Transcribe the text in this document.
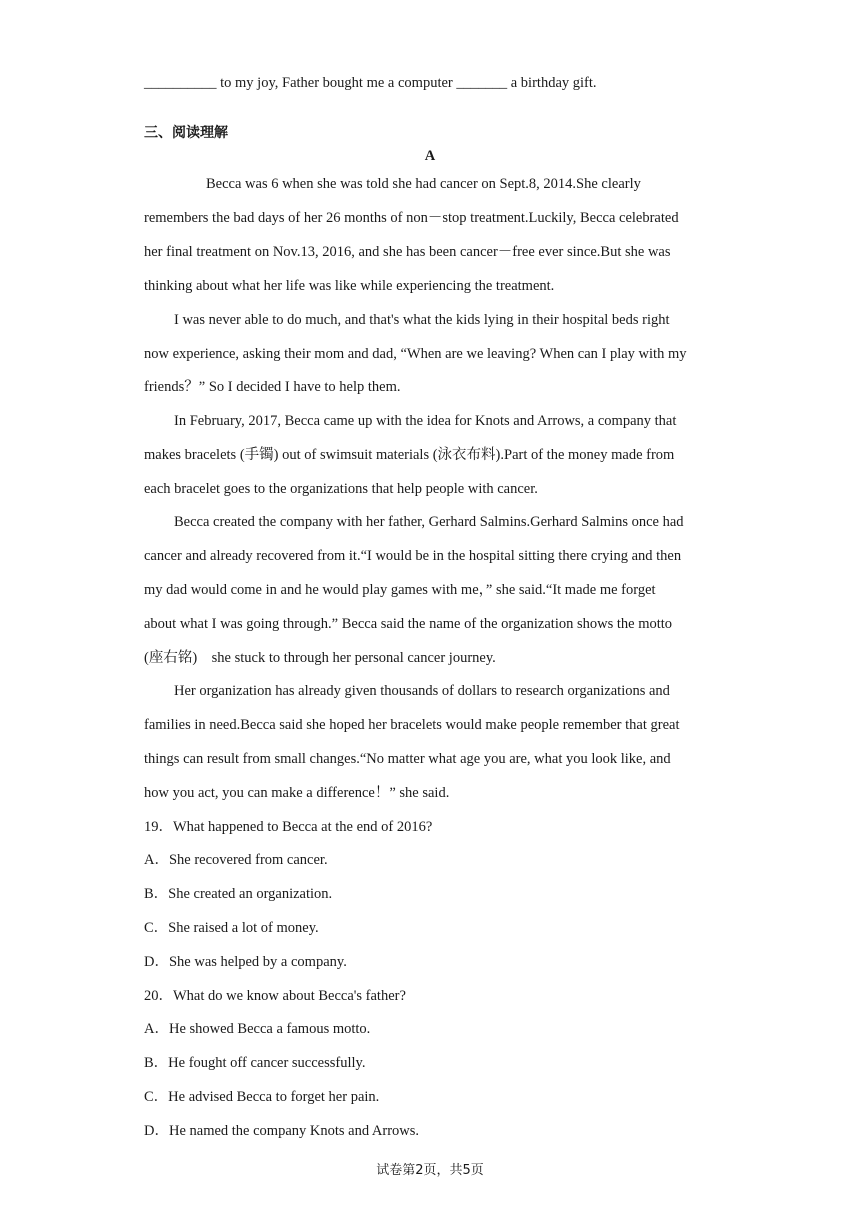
__________ to my joy, Father bought me a computer _______ a birthday gift.
三、阅读理解
A
Becca was 6 when she was told she had cancer on Sept.8, 2014.She clearly
remembers the bad days of her 26 months of non－stop treatment.Luckily, Becca celebrated
her final treatment on Nov.13, 2016, and she has been cancer－free ever since.But she was
thinking about what her life was like while experiencing the treatment.
I was never able to do much, and that's what the kids lying in their hospital beds right
now experience, asking their mom and dad, “When are we leaving? When can I play with my
friends？” So I decided I have to help them.
In February, 2017, Becca came up with the idea for Knots and Arrows, a company that
makes bracelets (手镯) out of swimsuit materials (泳衣布料).Part of the money made from
each bracelet goes to the organizations that help people with cancer.
Becca created the company with her father, Gerhard Salmins.Gerhard Salmins once had
cancer and already recovered from it.“I would be in the hospital sitting there crying and then
my dad would come in and he would play games with me，” she said.“It made me forget
about what I was going through.” Becca said the name of the organization shows the motto
(座右铭)　she stuck to through her personal cancer journey.
Her organization has already given thousands of dollars to research organizations and
families in need.Becca said she hoped her bracelets would make people remember that great
things can result from small changes.“No matter what age you are, what you look like, and
how you act, you can make a difference！” she said.
19．What happened to Becca at the end of 2016?
A．She recovered from cancer.
B．She created an organization.
C．She raised a lot of money.
D．She was helped by a company.
20．What do we know about Becca's father?
A．He showed Becca a famous motto.
B．He fought off cancer successfully.
C．He advised Becca to forget her pain.
D．He named the company Knots and Arrows.
试卷第2页，共5页
